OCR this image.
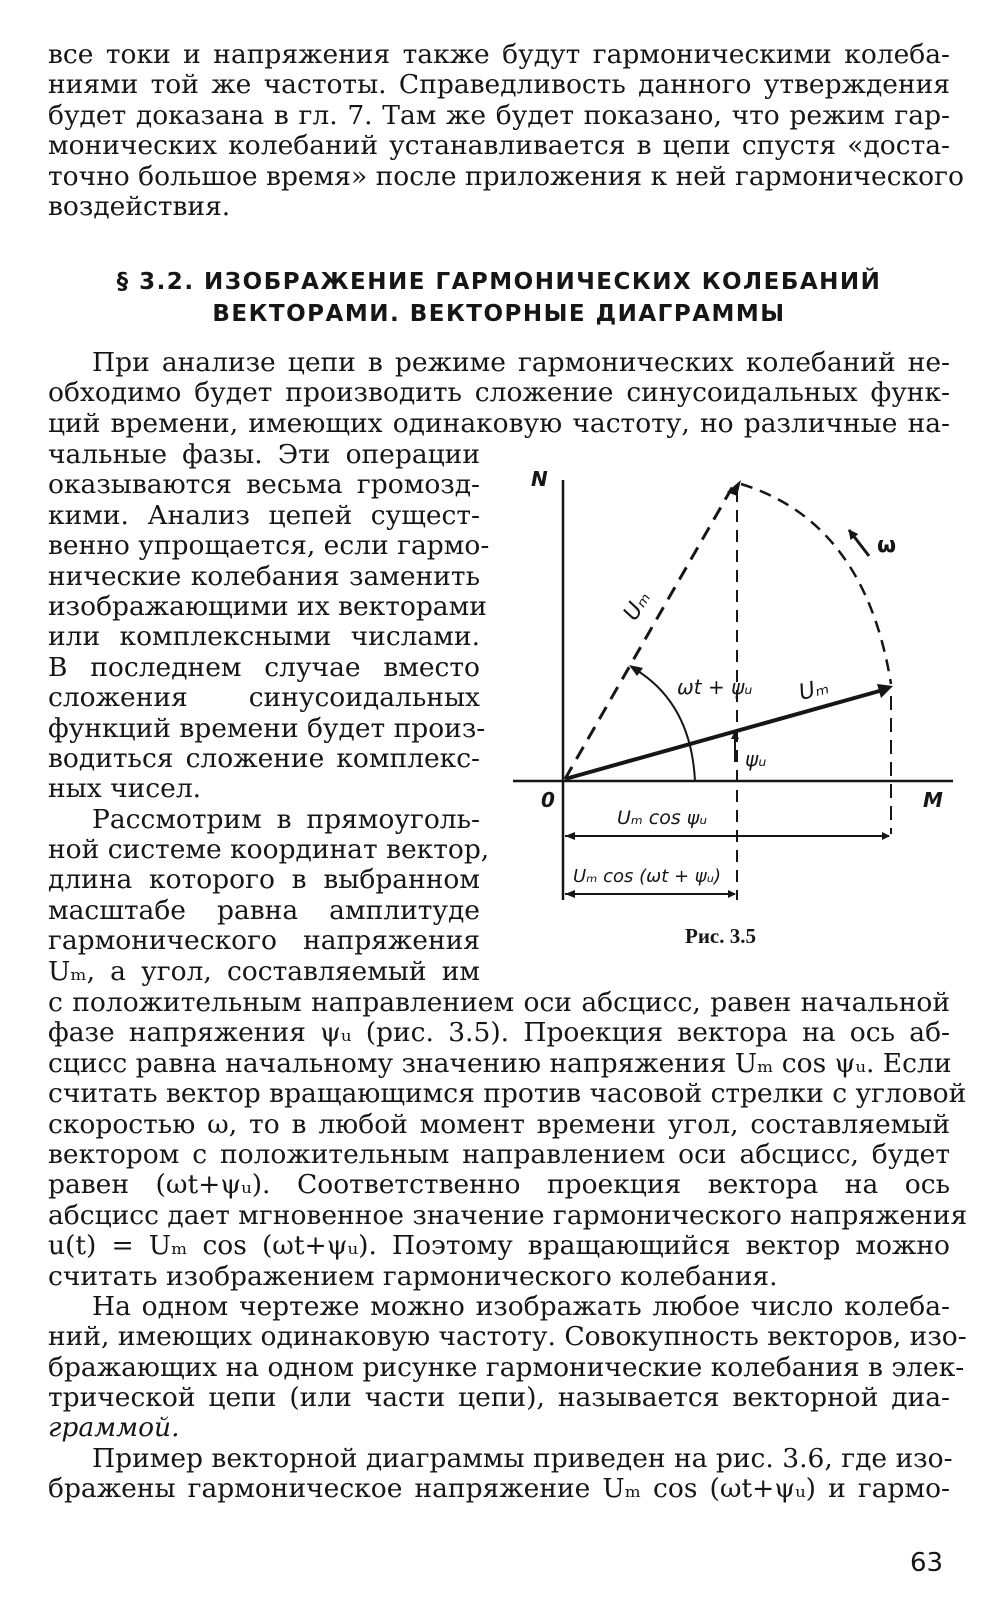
все токи и напряжения также будут гармоническими колеба-
ниями той же частоты. Справедливость данного утверждения
будет доказана в гл. 7. Там же будет показано, что режим гар-
монических колебаний устанавливается в цепи спустя «доста-
точно большое время» после приложения к ней гармонического
воздействия.

§ 3.2. ИЗОБРАЖЕНИЕ ГАРМОНИЧЕСКИХ КОЛЕБАНИЙ

ВЕКТОРАМИ. ВЕКТОРНЫЕ ДИАГРАММЫ

При анализе цепи в режиме гармонических колебаний не-
обходимо будет производить сложение синусоидальных функ-
ций времени, имеющих одинаковую частоту, но различные на-
чальные фазы. Эти операции
оказываются весьма громозд-
кими. Анализ цепей сущест-
венно упрощается, если гармо-
нические колебания заменить
изображающими их векторами
или комплексными числами.
В последнем случае вместо
сложения синусоидальных
функций времени будет произ-
водиться сложение комплекс-
ных чисел.
Рассмотрим в прямоуголь-
ной системе координат вектор,
длина которого в выбранном
масштабе равна амплитуде
гармонического напряжения
Uₘ, а угол, составляемый им
N
M
0
ω
Uₘ
Uₘ
ωt + ψᵤ
ψᵤ
Uₘ cos ψᵤ
Uₘ cos (ωt + ψᵤ)
Рис. 3.5
с положительным направлением оси абсцисс, равен начальной
фазе напряжения ψᵤ (рис. 3.5). Проекция вектора на ось аб-
сцисс равна начальному значению напряжения Uₘ cos ψᵤ. Если
считать вектор вращающимся против часовой стрелки с угловой
скоростью ω, то в любой момент времени угол, составляемый
вектором с положительным направлением оси абсцисс, будет
равен (ωt+ψᵤ). Соответственно проекция вектора на ось
абсцисс дает мгновенное значение гармонического напряжения
u(t) = Uₘ cos (ωt+ψᵤ). Поэтому вращающийся вектор можно
считать изображением гармонического колебания.
На одном чертеже можно изображать любое число колеба-
ний, имеющих одинаковую частоту. Совокупность векторов, изо-
бражающих на одном рисунке гармонические колебания в элек-
трической цепи (или части цепи), называется векторной диа-
граммой.
Пример векторной диаграммы приведен на рис. 3.6, где изо-
бражены гармоническое напряжение Uₘ cos (ωt+ψᵤ) и гармо-
63
